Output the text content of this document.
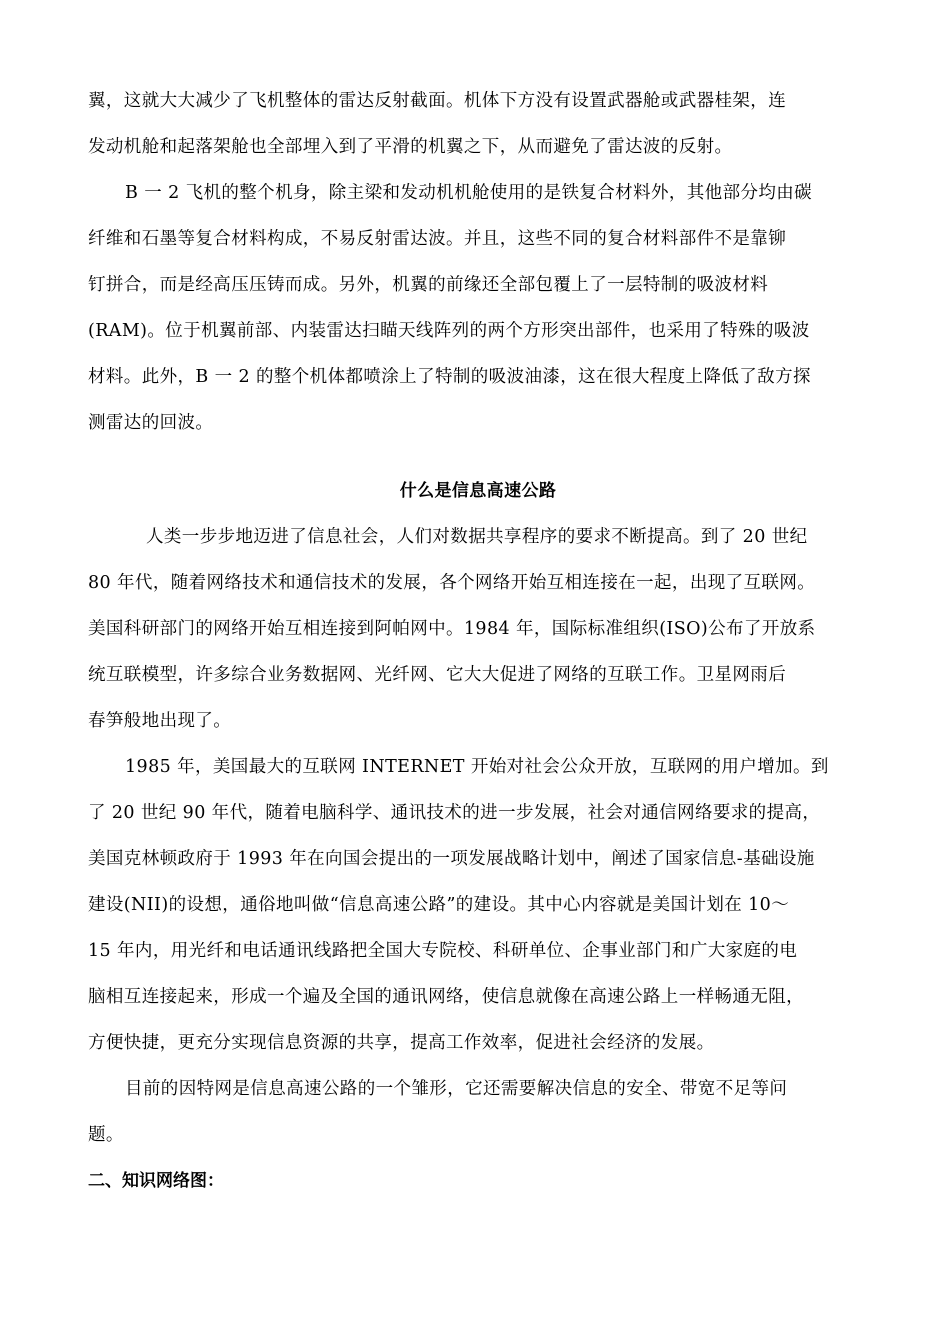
翼，这就大大减少了飞机整体的雷达反射截面。机体下方没有设置武器舱或武器桂架，连
发动机舱和起落架舱也全部埋入到了平滑的机翼之下，从而避免了雷达波的反射。
B 一 2 飞机的整个机身，除主梁和发动机机舱使用的是铁复合材料外，其他部分均由碳
纤维和石墨等复合材料构成，不易反射雷达波。并且，这些不同的复合材料部件不是靠铆
钉拼合，而是经高压压铸而成。另外，机翼的前缘还全部包覆上了一层特制的吸波材料
(RAM)。位于机翼前部、内装雷达扫瞄天线阵列的两个方形突出部件，也采用了特殊的吸波
材料。此外，B 一 2 的整个机体都喷涂上了特制的吸波油漆，这在很大程度上降低了敌方探
测雷达的回波。
什么是信息高速公路
人类一步步地迈进了信息社会，人们对数据共享程序的要求不断提高。到了 20 世纪
80 年代，随着网络技术和通信技术的发展，各个网络开始互相连接在一起，出现了互联网。
美国科研部门的网络开始互相连接到阿帕网中。1984 年，国际标准组织(ISO)公布了开放系
统互联模型，许多综合业务数据网、光纤网、它大大促进了网络的互联工作。卫星网雨后
春笋般地出现了。
1985 年，美国最大的互联网 INTERNET 开始对社会公众开放，互联网的用户增加。到
了 20 世纪 90 年代，随着电脑科学、通讯技术的进一步发展，社会对通信网络要求的提高，
美国克林顿政府于 1993 年在向国会提出的一项发展战略计划中，阐述了国家信息-基础设施
建设(NII)的设想，通俗地叫做“信息高速公路”的建设。其中心内容就是美国计划在 10～
15 年内，用光纤和电话通讯线路把全国大专院校、科研单位、企事业部门和广大家庭的电
脑相互连接起来，形成一个遍及全国的通讯网络，使信息就像在高速公路上一样畅通无阻，
方便快捷，更充分实现信息资源的共享，提高工作效率，促进社会经济的发展。
目前的因特网是信息高速公路的一个雏形，它还需要解决信息的安全、带宽不足等问
题。
二、知识网络图：
